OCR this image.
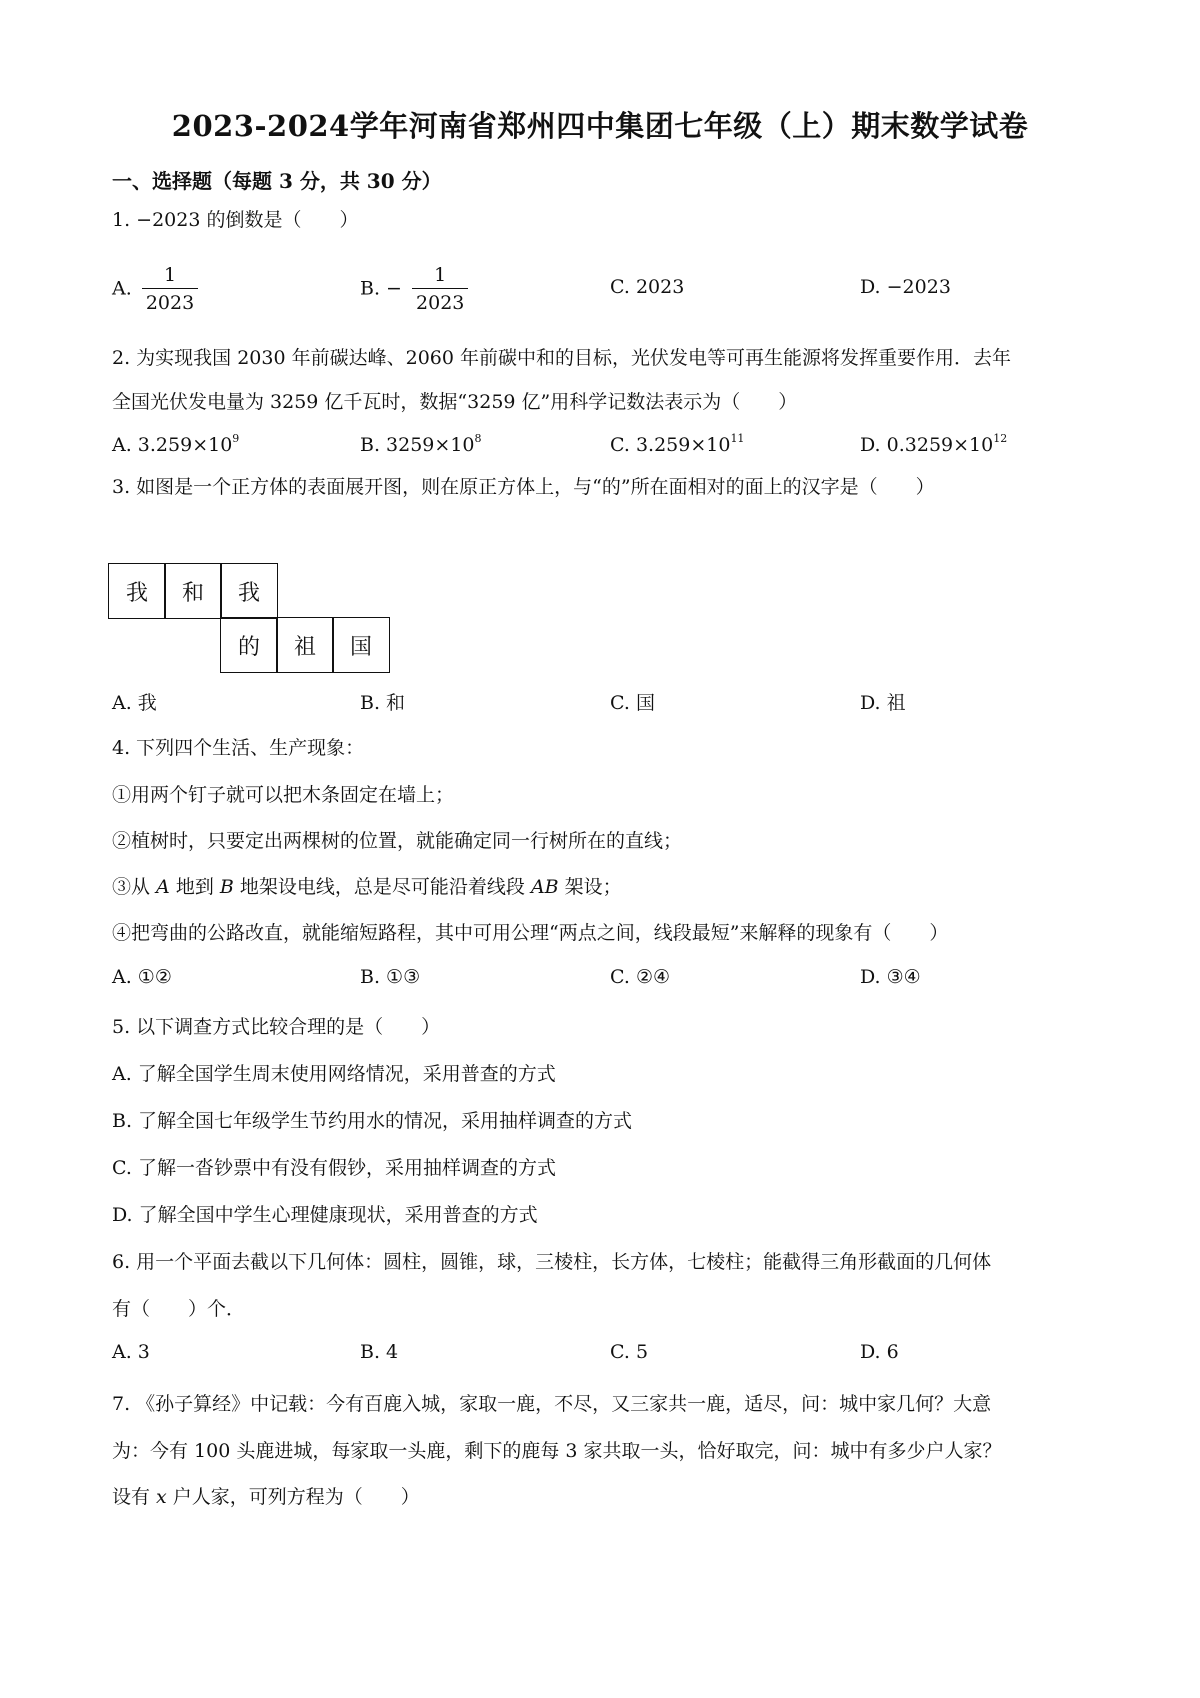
2023-2024学年河南省郑州四中集团七年级（上）期末数学试卷
一、选择题（每题 3 分，共 30 分）
1. −2023 的倒数是（　　）
A. $\frac{1}{2023}$	B. − $\frac{1}{2023}$	C. 2023	D. −2023
2. 为实现我国 2030 年前碳达峰、2060 年前碳中和的目标，光伏发电等可再生能源将发挥重要作用．去年
全国光伏发电量为 3259 亿千瓦时，数据“3259 亿”用科学记数法表示为（　　）
A. $3.259\times 10^9$	B. $3259\times 10^8$	C. $3.259\times 10^{11}$	D. $0.3259\times 10^{12}$
3. 如图是一个正方体的表面展开图，则在原正方体上，与“的”所在面相对的面上的汉字是（　　）
我	和	我
的	祖	国
A. 我	B. 和	C. 国	D. 祖
4. 下列四个生活、生产现象：
①用两个钉子就可以把木条固定在墙上；
②植树时，只要定出两棵树的位置，就能确定同一行树所在的直线；
③从 A 地到 B 地架设电线，总是尽可能沿着线段 AB 架设；
④把弯曲的公路改直，就能缩短路程，其中可用公理“两点之间，线段最短”来解释的现象有（　　）
A. ①②	B. ①③	C. ②④	D. ③④
5. 以下调查方式比较合理的是（　　）
A. 了解全国学生周末使用网络情况，采用普查的方式
B. 了解全国七年级学生节约用水的情况，采用抽样调查的方式
C. 了解一沓钞票中有没有假钞，采用抽样调查的方式
D. 了解全国中学生心理健康现状，采用普查的方式
6. 用一个平面去截以下几何体：圆柱，圆锥，球，三棱柱，长方体，七棱柱；能截得三角形截面的几何体
有（　　）个．
A. 3	B. 4	C. 5	D. 6
7. 《孙子算经》中记载：今有百鹿入城，家取一鹿，不尽，又三家共一鹿，适尽，问：城中家几何？大意
为：今有 100 头鹿进城，每家取一头鹿，剩下的鹿每 3 家共取一头，恰好取完，问：城中有多少户人家？
设有 x 户人家，可列方程为（　　）
